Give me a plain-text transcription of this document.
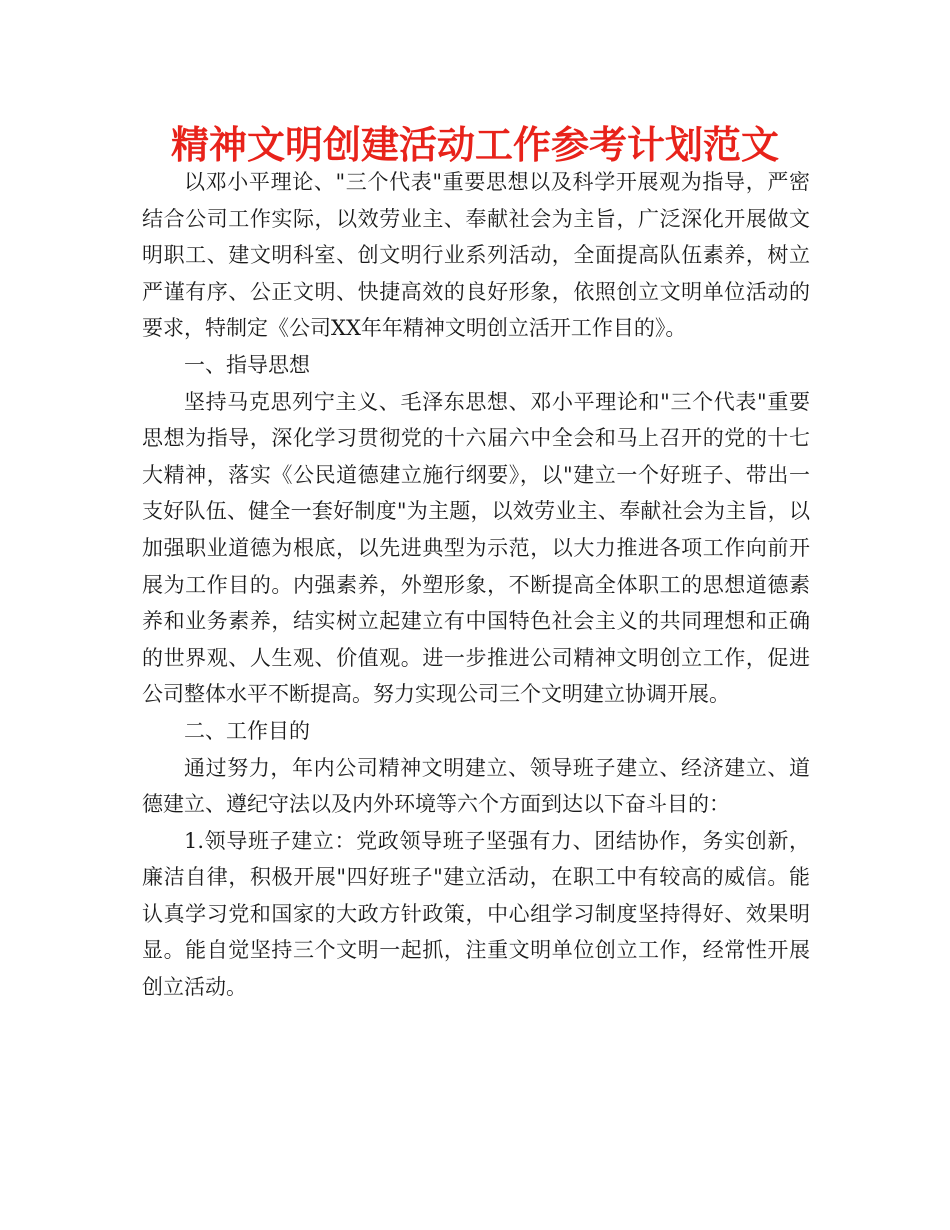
精神文明创建活动工作参考计划范文

以邓小平理论、"三个代表"重要思想以及科学开展观为指导，严密结合公司工作实际，以效劳业主、奉献社会为主旨，广泛深化开展做文明职工、建文明科室、创文明行业系列活动，全面提高队伍素养，树立严谨有序、公正文明、快捷高效的良好形象，依照创立文明单位活动的要求，特制定《公司XX年年精神文明创立活开工作目的》。

一、指导思想

坚持马克思列宁主义、毛泽东思想、邓小平理论和"三个代表"重要思想为指导，深化学习贯彻党的十六届六中全会和马上召开的党的十七大精神，落实《公民道德建立施行纲要》，以"建立一个好班子、带出一支好队伍、健全一套好制度"为主题，以效劳业主、奉献社会为主旨，以加强职业道德为根底，以先进典型为示范，以大力推进各项工作向前开展为工作目的。内强素养，外塑形象，不断提高全体职工的思想道德素养和业务素养，结实树立起建立有中国特色社会主义的共同理想和正确的世界观、人生观、价值观。进一步推进公司精神文明创立工作，促进公司整体水平不断提高。努力实现公司三个文明建立协调开展。

二、工作目的

通过努力，年内公司精神文明建立、领导班子建立、经济建立、道德建立、遵纪守法以及内外环境等六个方面到达以下奋斗目的：

1.领导班子建立：党政领导班子坚强有力、团结协作，务实创新，廉洁自律，积极开展"四好班子"建立活动，在职工中有较高的威信。能认真学习党和国家的大政方针政策，中心组学习制度坚持得好、效果明显。能自觉坚持三个文明一起抓，注重文明单位创立工作，经常性开展创立活动。
